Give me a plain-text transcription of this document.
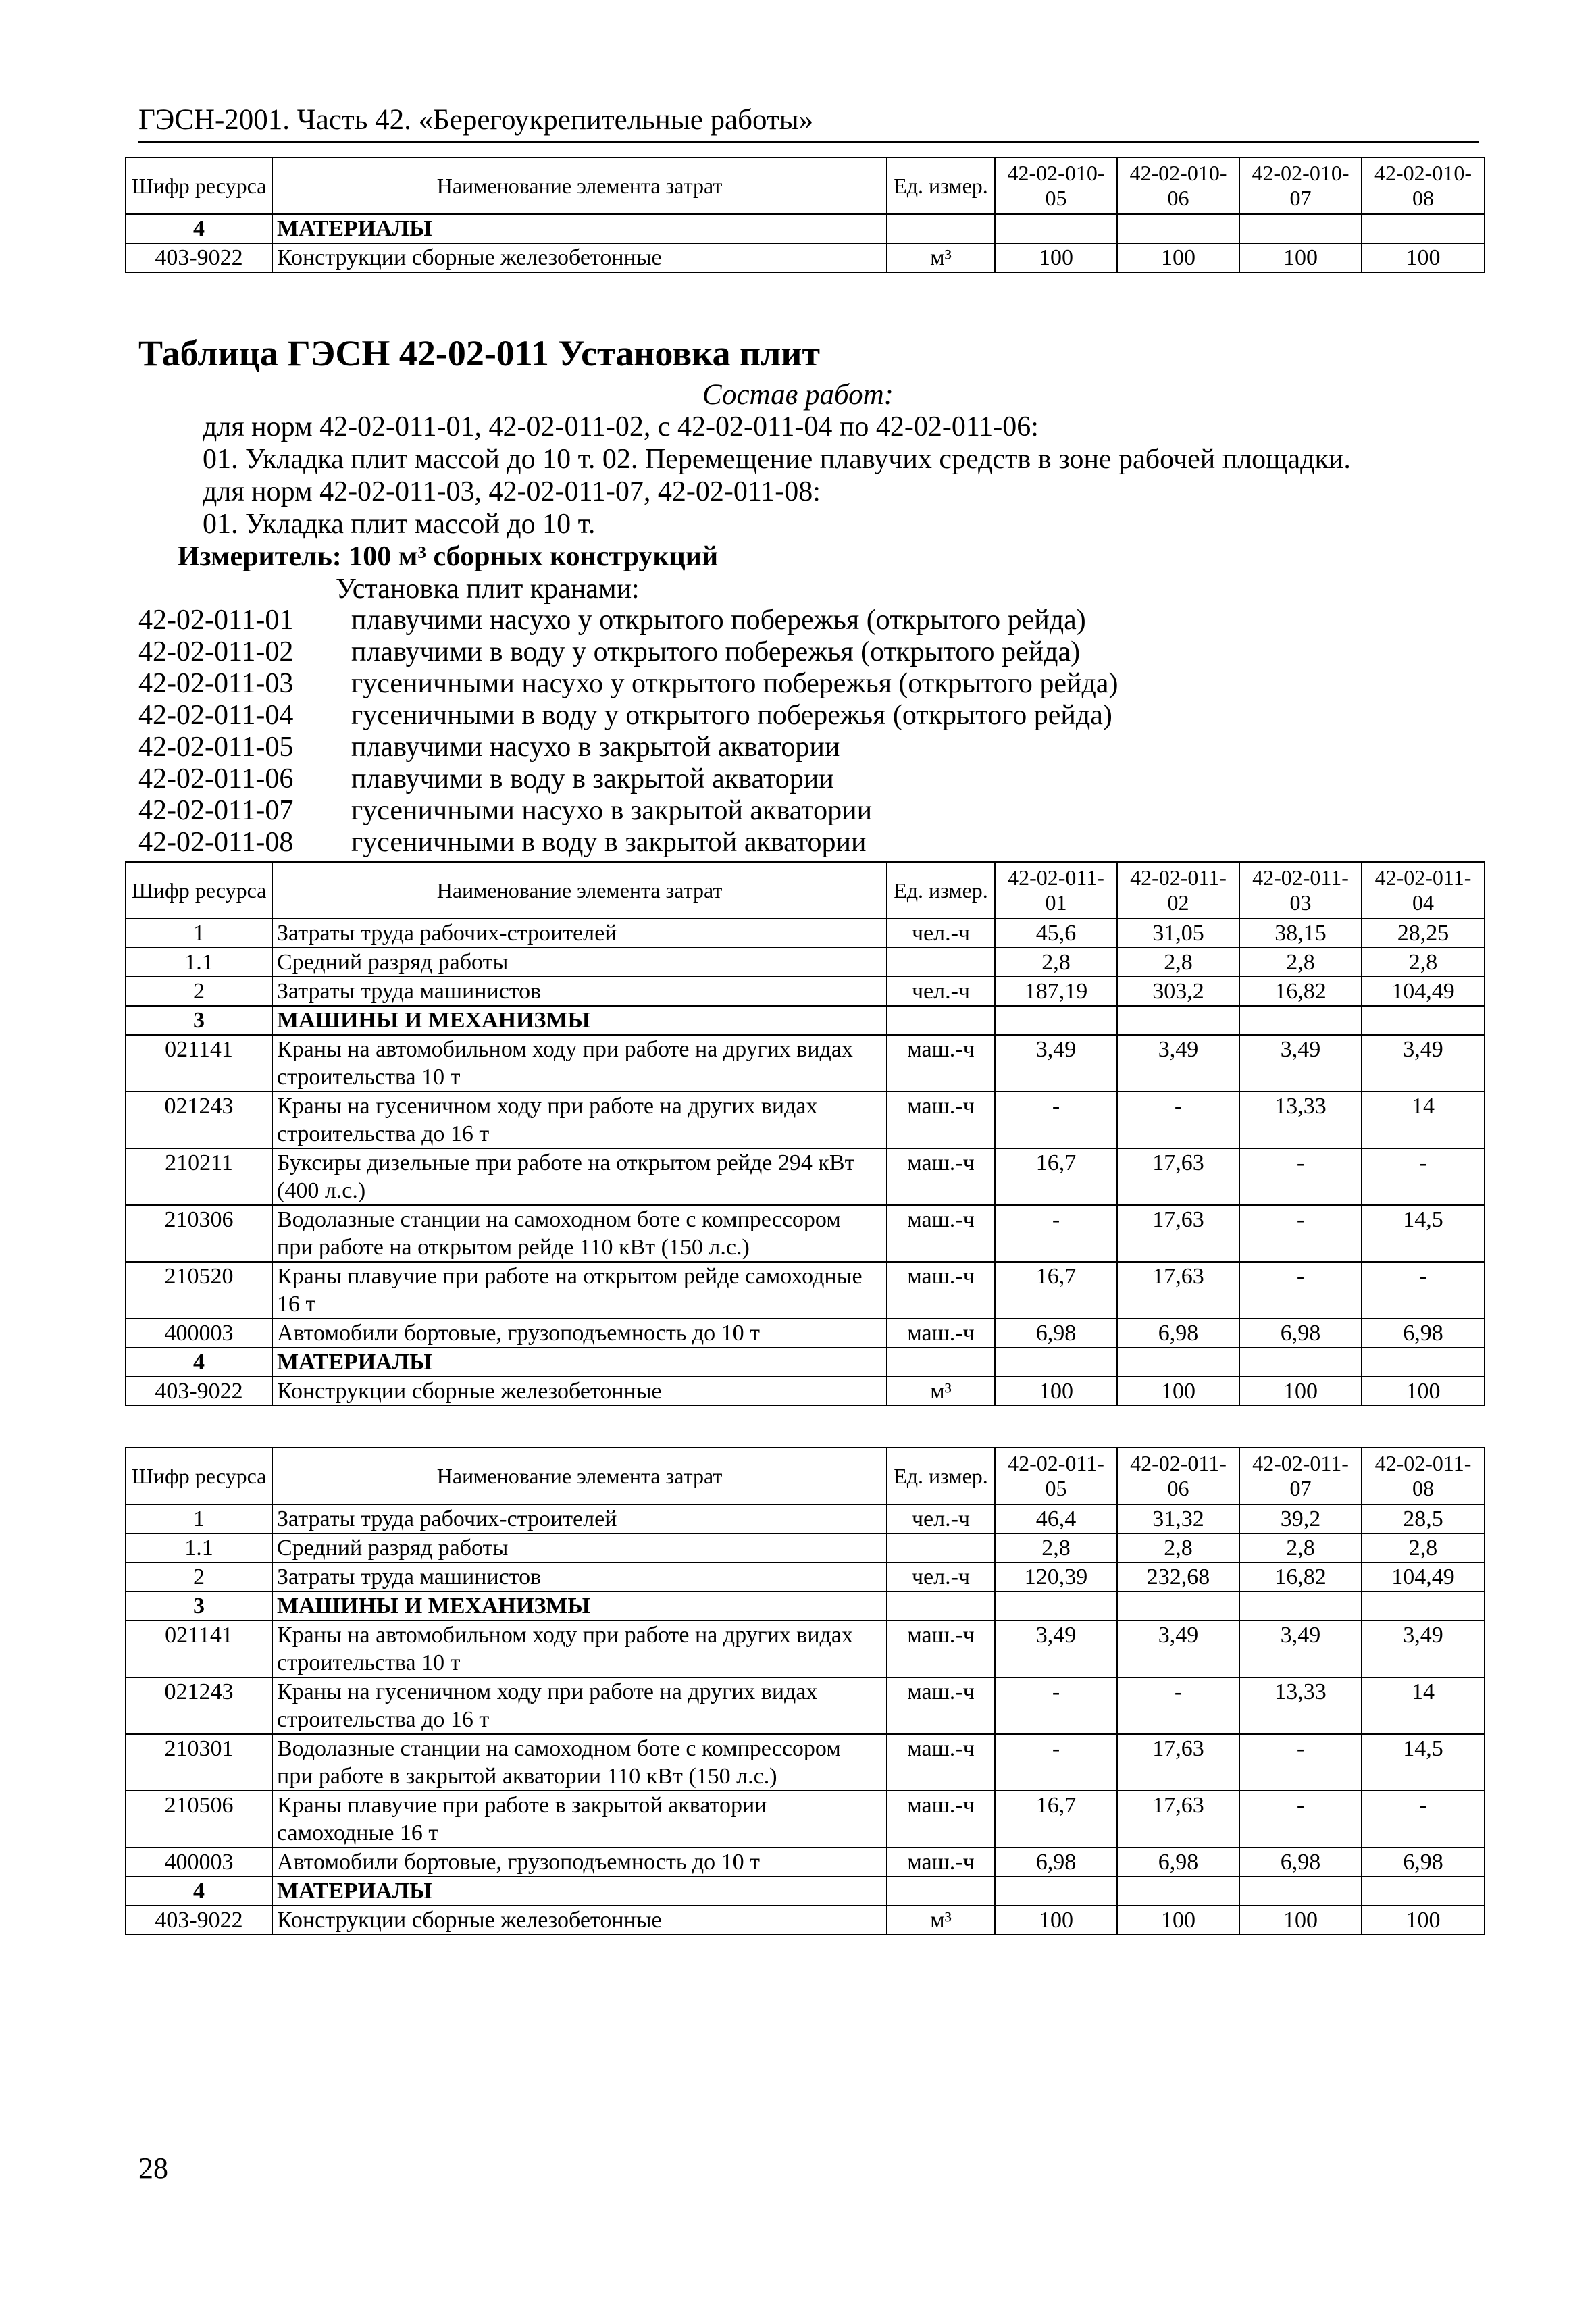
ГЭСН-2001. Часть 42. «Берегоукрепительные работы»
Шифр ресурса	Наименование элемента затрат	Ед. измер.	42-02-010-05	42-02-010-06	42-02-010-07	42-02-010-08
4	МАТЕРИАЛЫ					
403-9022	Конструкции сборные железобетонные	м³	100	100	100	100
Таблица ГЭСН 42-02-011 Установка плит
Состав работ:
для норм 42-02-011-01, 42-02-011-02, с 42-02-011-04 по 42-02-011-06:
01. Укладка плит массой до 10 т. 02. Перемещение плавучих средств в зоне рабочей площадки.
для норм 42-02-011-03, 42-02-011-07, 42-02-011-08:
01. Укладка плит массой до 10 т.
Измеритель: 100 м³ сборных конструкций
Установка плит кранами:
42-02-011-01 плавучими насухо у открытого побережья (открытого рейда)
42-02-011-02 плавучими в воду у открытого побережья (открытого рейда)
42-02-011-03 гусеничными насухо у открытого побережья (открытого рейда)
42-02-011-04 гусеничными в воду у открытого побережья (открытого рейда)
42-02-011-05 плавучими насухо в закрытой акватории
42-02-011-06 плавучими в воду в закрытой акватории
42-02-011-07 гусеничными насухо в закрытой акватории
42-02-011-08 гусеничными в воду в закрытой акватории
Шифр ресурса	Наименование элемента затрат	Ед. измер.	42-02-011-01	42-02-011-02	42-02-011-03	42-02-011-04
1	Затраты труда рабочих-строителей	чел.-ч	45,6	31,05	38,15	28,25
1.1	Средний разряд работы		2,8	2,8	2,8	2,8
2	Затраты труда машинистов	чел.-ч	187,19	303,2	16,82	104,49
3	МАШИНЫ И МЕХАНИЗМЫ					
021141	Краны на автомобильном ходу при работе на других видах строительства 10 т	маш.-ч	3,49	3,49	3,49	3,49
021243	Краны на гусеничном ходу при работе на других видах строительства до 16 т	маш.-ч	-	-	13,33	14
210211	Буксиры дизельные при работе на открытом рейде 294 кВт (400 л.с.)	маш.-ч	16,7	17,63	-	-
210306	Водолазные станции на самоходном боте с компрессором при работе на открытом рейде 110 кВт (150 л.с.)	маш.-ч	-	17,63	-	14,5
210520	Краны плавучие при работе на открытом рейде самоходные 16 т	маш.-ч	16,7	17,63	-	-
400003	Автомобили бортовые, грузоподъемность до 10 т	маш.-ч	6,98	6,98	6,98	6,98
4	МАТЕРИАЛЫ					
403-9022	Конструкции сборные железобетонные	м³	100	100	100	100
Шифр ресурса	Наименование элемента затрат	Ед. измер.	42-02-011-05	42-02-011-06	42-02-011-07	42-02-011-08
1	Затраты труда рабочих-строителей	чел.-ч	46,4	31,32	39,2	28,5
1.1	Средний разряд работы		2,8	2,8	2,8	2,8
2	Затраты труда машинистов	чел.-ч	120,39	232,68	16,82	104,49
3	МАШИНЫ И МЕХАНИЗМЫ					
021141	Краны на автомобильном ходу при работе на других видах строительства 10 т	маш.-ч	3,49	3,49	3,49	3,49
021243	Краны на гусеничном ходу при работе на других видах строительства до 16 т	маш.-ч	-	-	13,33	14
210301	Водолазные станции на самоходном боте с компрессором при работе в закрытой акватории 110 кВт (150 л.с.)	маш.-ч	-	17,63	-	14,5
210506	Краны плавучие при работе в закрытой акватории самоходные 16 т	маш.-ч	16,7	17,63	-	-
400003	Автомобили бортовые, грузоподъемность до 10 т	маш.-ч	6,98	6,98	6,98	6,98
4	МАТЕРИАЛЫ					
403-9022	Конструкции сборные железобетонные	м³	100	100	100	100
28
